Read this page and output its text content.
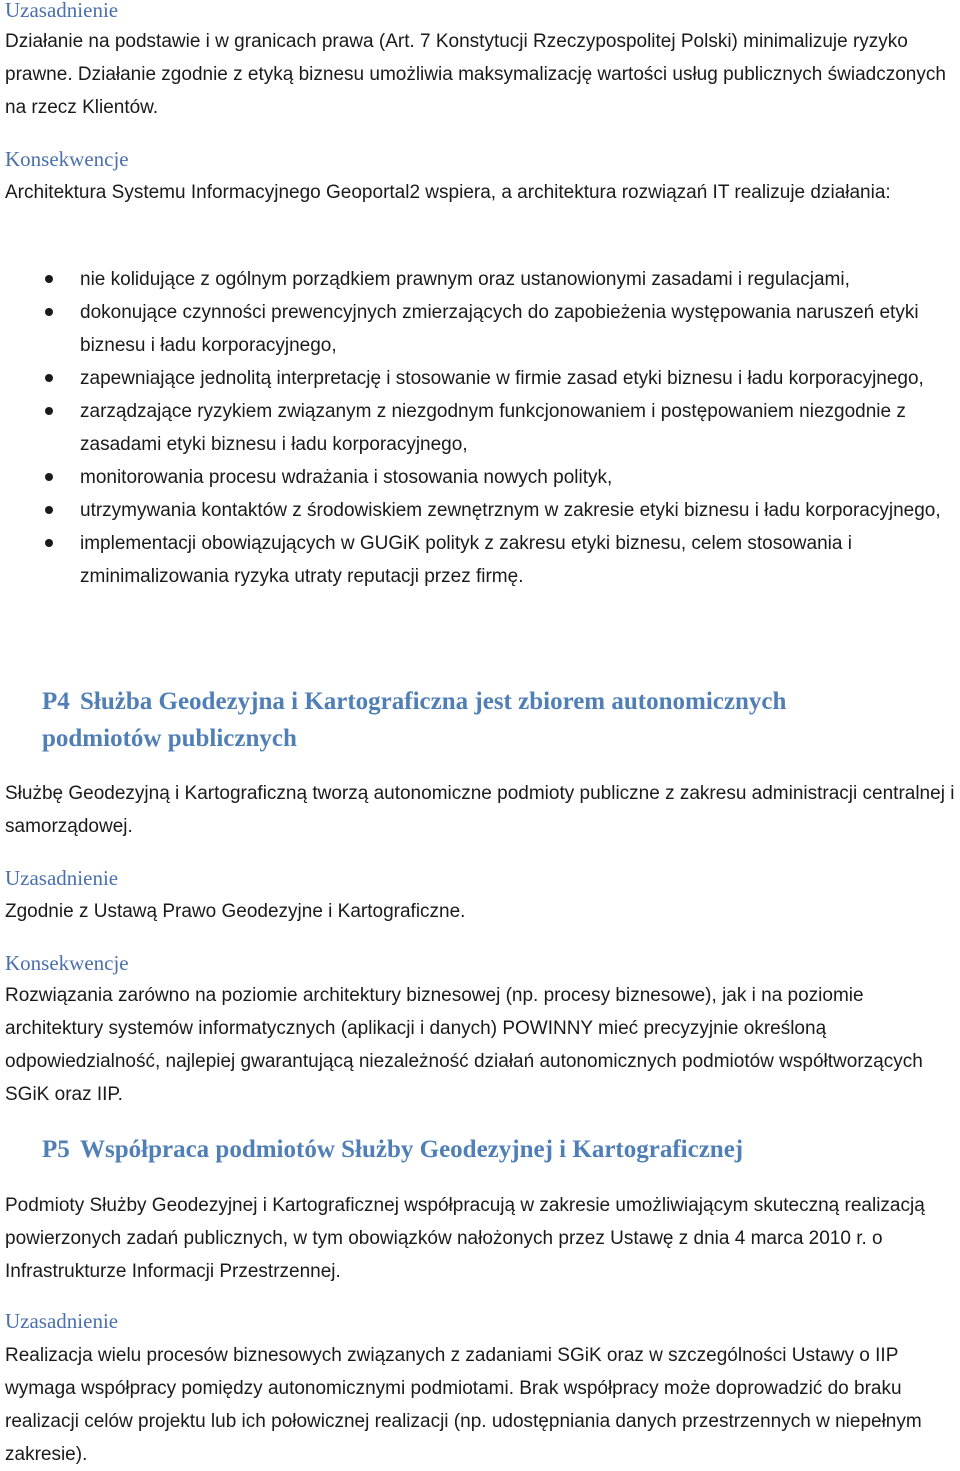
Uzasadnienie

Działanie na podstawie i w granicach prawa (Art. 7 Konstytucji Rzeczypospolitej Polski) minimalizuje ryzyko prawne. Działanie zgodnie z etyką biznesu umożliwia maksymalizację wartości usług publicznych świadczonych na rzecz Klientów.

Konsekwencje

Architektura Systemu Informacyjnego Geoportal2 wspiera, a architektura rozwiązań IT realizuje działania:

nie kolidujące z ogólnym porządkiem prawnym oraz ustanowionymi zasadami i regulacjami,
dokonujące czynności prewencyjnych zmierzających do zapobieżenia występowania naruszeń etyki biznesu i ładu korporacyjnego,
zapewniające jednolitą interpretację i stosowanie w firmie zasad etyki biznesu i ładu korporacyjnego,
zarządzające ryzykiem związanym z niezgodnym funkcjonowaniem i postępowaniem niezgodnie z zasadami etyki biznesu i ładu korporacyjnego,
monitorowania procesu wdrażania i stosowania nowych polityk,
utrzymywania kontaktów z środowiskiem zewnętrznym w zakresie etyki biznesu i ładu korporacyjnego,
implementacji obowiązujących w GUGiK polityk z zakresu etyki biznesu, celem stosowania i zminimalizowania ryzyka utraty reputacji przez firmę.
P4 Służba Geodezyjna i Kartograficzna jest zbiorem autonomicznych podmiotów publicznych

Służbę Geodezyjną i Kartograficzną tworzą autonomiczne podmioty publiczne z zakresu administracji centralnej i samorządowej.

Uzasadnienie

Zgodnie z Ustawą Prawo Geodezyjne i Kartograficzne.

Konsekwencje

Rozwiązania zarówno na poziomie architektury biznesowej (np. procesy biznesowe), jak i na poziomie architektury systemów informatycznych (aplikacji i danych) POWINNY mieć precyzyjnie określoną odpowiedzialność, najlepiej gwarantującą niezależność działań autonomicznych podmiotów współtworzących SGiK oraz IIP.

P5 Współpraca podmiotów Służby Geodezyjnej i Kartograficznej

Podmioty Służby Geodezyjnej i Kartograficznej współpracują w zakresie umożliwiającym skuteczną realizacją powierzonych zadań publicznych, w tym obowiązków nałożonych przez Ustawę z dnia 4 marca 2010 r. o Infrastrukturze Informacji Przestrzennej.

Uzasadnienie

Realizacja wielu procesów biznesowych związanych z zadaniami SGiK oraz w szczególności Ustawy o IIP wymaga współpracy pomiędzy autonomicznymi podmiotami. Brak współpracy może doprowadzić do braku realizacji celów projektu lub ich połowicznej realizacji (np. udostępniania danych przestrzennych w niepełnym zakresie).
